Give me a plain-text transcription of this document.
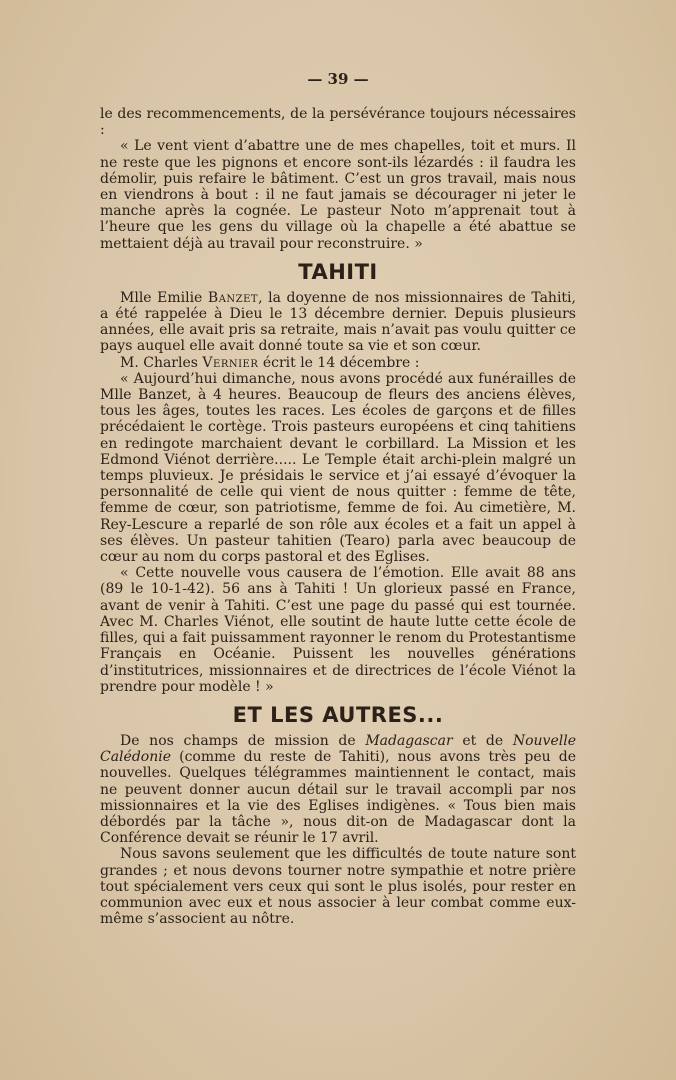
— 39 —

le des recommencements, de la persévérance toujours nécessaires :

« Le vent vient d’abattre une de mes chapelles, toit et murs. Il ne reste que les pignons et encore sont-ils lézardés : il faudra les démolir, puis refaire le bâtiment. C’est un gros travail, mais nous en viendrons à bout : il ne faut jamais se décourager ni jeter le manche après la cognée. Le pasteur Noto m’apprenait tout à l’heure que les gens du village où la chapelle a été abattue se mettaient déjà au travail pour reconstruire. »

TAHITI

Mlle Emilie Banzet, la doyenne de nos missionnaires de Tahiti, a été rappelée à Dieu le 13 décembre dernier. Depuis plusieurs années, elle avait pris sa retraite, mais n’avait pas voulu quitter ce pays auquel elle avait donné toute sa vie et son cœur.

M. Charles Vernier écrit le 14 décembre :

« Aujourd’hui dimanche, nous avons procédé aux funérailles de Mlle Banzet, à 4 heures. Beaucoup de fleurs des anciens élèves, tous les âges, toutes les races. Les écoles de garçons et de filles précédaient le cortège. Trois pasteurs européens et cinq tahitiens en redingote marchaient devant le corbillard. La Mission et les Edmond Viénot derrière..... Le Temple était archi-plein malgré un temps pluvieux. Je présidais le service et j’ai essayé d’évoquer la personnalité de celle qui vient de nous quitter : femme de tête, femme de cœur, son patriotisme, femme de foi. Au cimetière, M. Rey-Lescure a reparlé de son rôle aux écoles et a fait un appel à ses élèves. Un pasteur tahitien (Tearo) parla avec beaucoup de cœur au nom du corps pastoral et des Eglises.

« Cette nouvelle vous causera de l’émotion. Elle avait 88 ans (89 le 10-1-42). 56 ans à Tahiti ! Un glorieux passé en France, avant de venir à Tahiti. C’est une page du passé qui est tournée. Avec M. Charles Viénot, elle soutint de haute lutte cette école de filles, qui a fait puissamment rayonner le renom du Protestantisme Français en Océanie. Puissent les nouvelles générations d’institutrices, missionnaires et de directrices de l’école Viénot la prendre pour modèle ! »

ET LES AUTRES...

De nos champs de mission de Madagascar et de Nouvelle Calédonie (comme du reste de Tahiti), nous avons très peu de nouvelles. Quelques télégrammes maintiennent le contact, mais ne peuvent donner aucun détail sur le travail accompli par nos missionnaires et la vie des Eglises indigènes. « Tous bien mais débordés par la tâche », nous dit-on de Madagascar dont la Conférence devait se réunir le 17 avril.

Nous savons seulement que les difficultés de toute nature sont grandes ; et nous devons tourner notre sympathie et notre prière tout spécialement vers ceux qui sont le plus isolés, pour rester en communion avec eux et nous associer à leur combat comme eux-même s’associent au nôtre.
